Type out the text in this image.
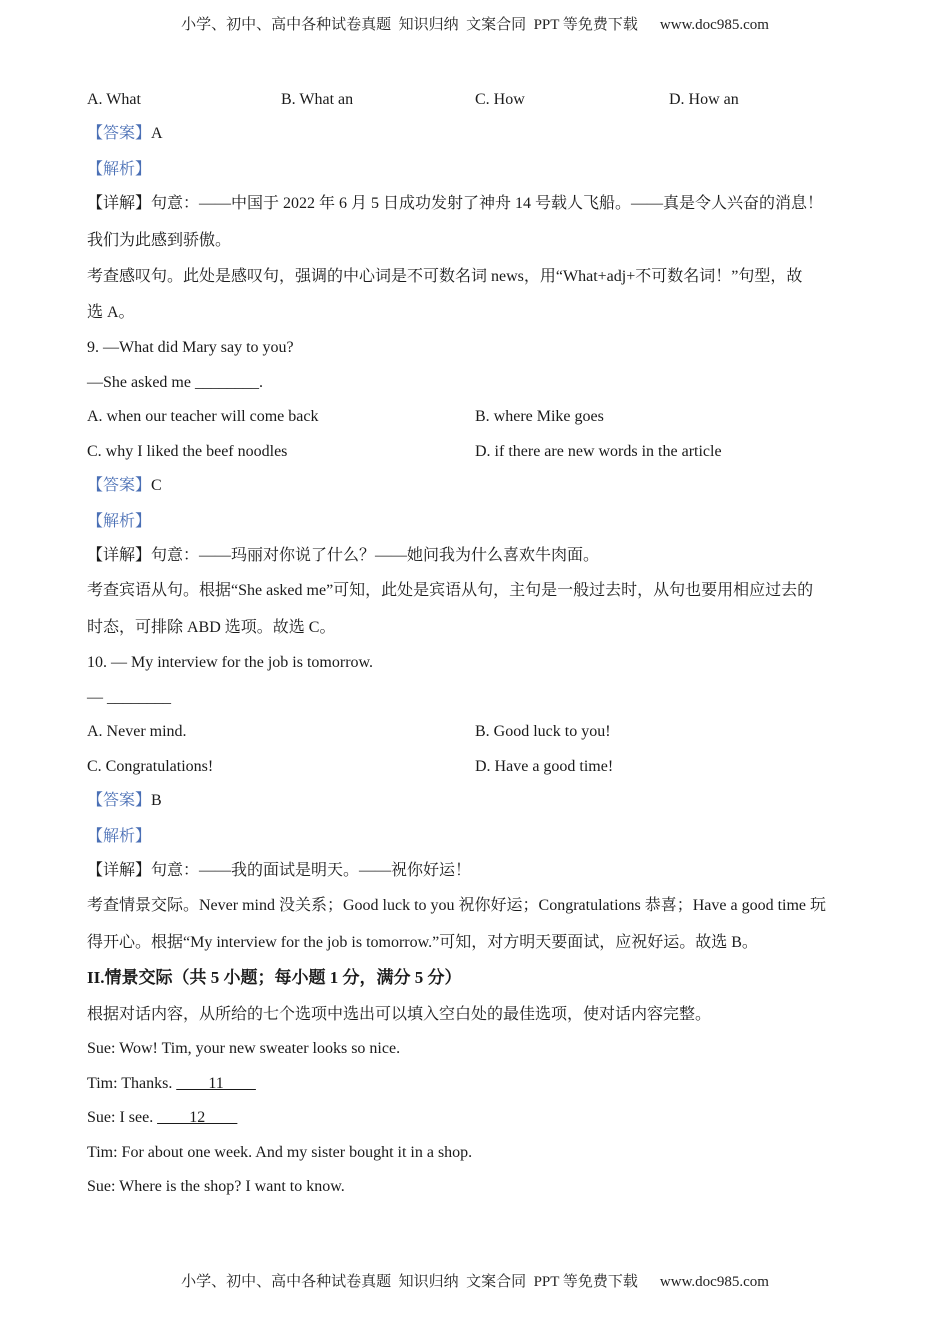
小学、初中、高中各种试卷真题  知识归纳  文案合同  PPT 等免费下载 www.doc985.com
A. What	B. What an	C. How	D. How an
【答案】A
【解析】
【详解】句意：——中国于 2022 年 6 月 5 日成功发射了神舟 14 号载人飞船。——真是令人兴奋的消息！
我们为此感到骄傲。
考查感叹句。此处是感叹句，强调的中心词是不可数名词 news，用“What+adj+不可数名词！”句型，故
选 A。
9. —What did Mary say to you?
—She asked me ________.
A. when our teacher will come back	B. where Mike goes
C. why I liked the beef noodles	D. if there are new words in the article
【答案】C
【解析】
【详解】句意：——玛丽对你说了什么？——她问我为什么喜欢牛肉面。
考查宾语从句。根据“She asked me”可知，此处是宾语从句，主句是一般过去时，从句也要用相应过去的
时态，可排除 ABD 选项。故选 C。
10. — My interview for the job is tomorrow.
— ________
A. Never mind.	B. Good luck to you!
C. Congratulations!	D. Have a good time!
【答案】B
【解析】
【详解】句意：——我的面试是明天。——祝你好运！
考查情景交际。Never mind 没关系；Good luck to you 祝你好运；Congratulations 恭喜；Have a good time 玩
得开心。根据“My interview for the job is tomorrow.”可知，对方明天要面试，应祝好运。故选 B。
II.情景交际（共 5 小题；每小题 1 分，满分 5 分）
根据对话内容，从所给的七个选项中选出可以填入空白处的最佳选项，使对话内容完整。
Sue: Wow! Tim, your new sweater looks so nice.
Tim: Thanks. ____11____
Sue: I see. ____12____
Tim: For about one week. And my sister bought it in a shop.
Sue: Where is the shop? I want to know.
小学、初中、高中各种试卷真题  知识归纳  文案合同  PPT 等免费下载 www.doc985.com
